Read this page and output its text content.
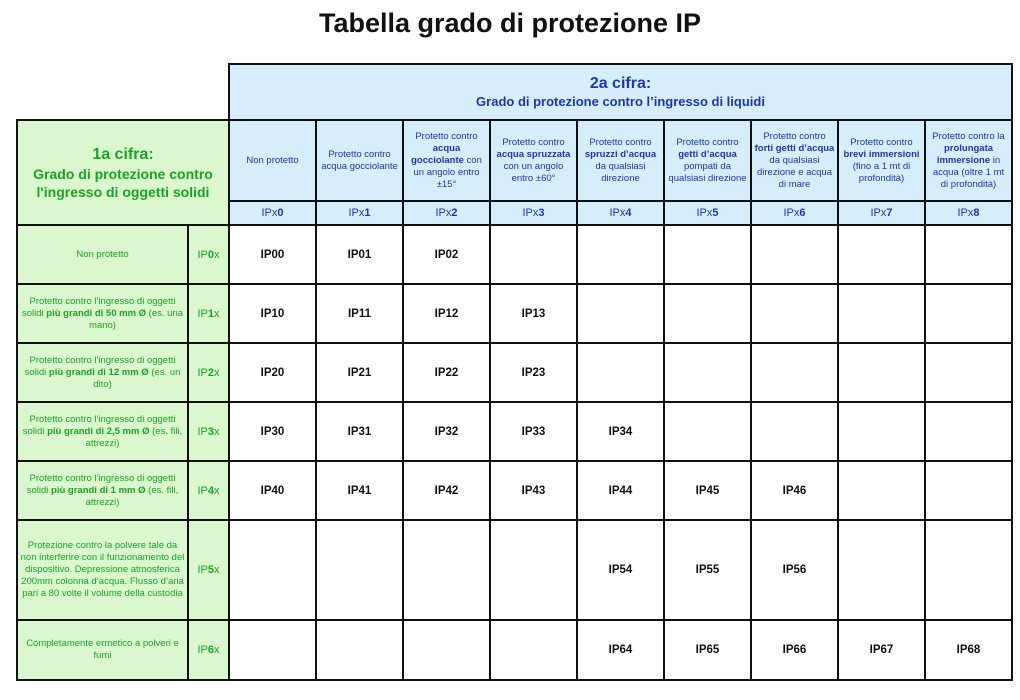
Tabella grado di protezione IP

		2a cifra:
Grado di protezione contro l’ingresso di liquidi								

1a cifra:
Grado di protezione contro l'ingresso di oggetti solidi		Non protetto	Protetto contro acqua gocciolante	Protetto contro acqua gocciolante con un angolo entro ±15°	Protetto contro acqua spruzzata con un angolo entro ±60°	Protetto contro spruzzi d’acqua da qualsiasi direzione	Protetto contro getti d’acqua pompati da qualsiasi direzione	Protetto contro forti getti d’acqua da qualsiasi direzione e acqua di mare	Protetto contro brevi immersioni (fino a 1 mt di profondità)	Protetto contro la prolungata immersione in acqua (oltre 1 mt di profondità)
		IPx0	IPx1	IPx2	IPx3	IPx4	IPx5	IPx6	IPx7	IPx8
Non protetto	IP0x	IP00	IP01	IP02						
Protetto contro l'ingresso di oggetti solidi più grandi di 50 mm Ø (es. una mano)	IP1x	IP10	IP11	IP12	IP13					
Protetto contro l'ingresso di oggetti solidi più grandi di 12 mm Ø (es. un dito)	IP2x	IP20	IP21	IP22	IP23					
Protetto contro l'ingresso di oggetti solidi più grandi di 2,5 mm Ø (es. fili, attrezzi)	IP3x	IP30	IP31	IP32	IP33	IP34				
Protetto contro l'ingresso di oggetti solidi più grandi di 1 mm Ø (es. fili, attrezzi)	IP4x	IP40	IP41	IP42	IP43	IP44	IP45	IP46		
Protezione contro la polvere tale da non interferire con il funzionamento del dispositivo. Depressione atmosferica 200mm colonna d’acqua. Flusso d’aria pari a 80 volte il volume della custodia	IP5x					IP54	IP55	IP56		
Completamente ermetico a polveri e fumi	IP6x					IP64	IP65	IP66	IP67	IP68
